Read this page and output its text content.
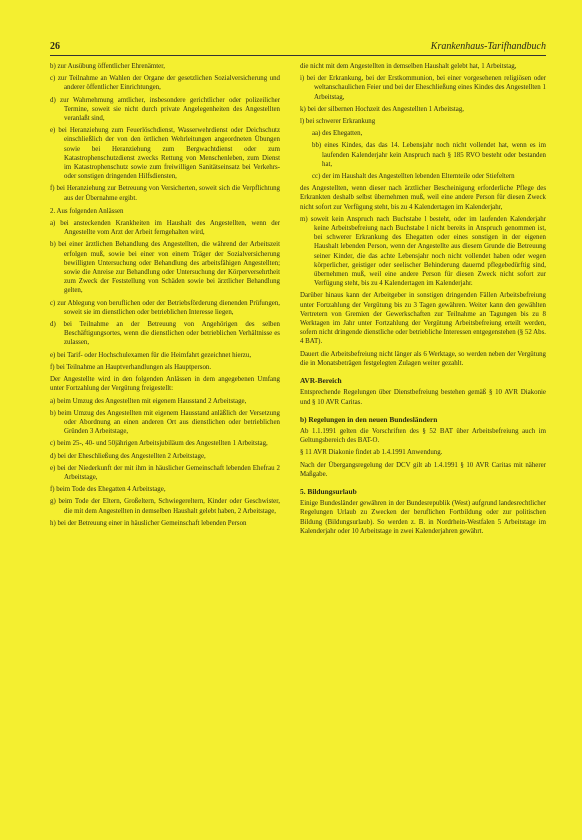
26	Krankenhaus-Tarifhandbuch

b) zur Ausübung öffentlicher Ehrenämter,

c) zur Teilnahme an Wahlen der Organe der gesetzlichen Sozialversicherung und anderer öffentlicher Einrichtungen,

d) zur Wahrnehmung amtlicher, insbesondere gerichtlicher oder polizeilicher Termine, soweit sie nicht durch private Angelegenheiten des Angestellten veranlaßt sind,

e) bei Heranziehung zum Feuerlöschdienst, Wasserwehrdienst oder Deichschutz einschließlich der von den örtlichen Wehrleitungen angeordneten Übungen sowie bei Heranziehung zum Bergwachtdienst oder zum Katastrophenschutzdienst zwecks Rettung von Menschenleben, zum Dienst im Katastrophenschutz sowie zum freiwilligen Sanitätseinsatz bei Verkehrs- oder sonstigen dringenden Hilfsdiensten,

f) bei Heranziehung zur Betreuung von Versicherten, soweit sich die Verpflichtung aus der Übernahme ergibt.

2. Aus folgenden Anlässen

a) bei ansteckenden Krankheiten im Haushalt des Angestellten, wenn der Angestellte vom Arzt der Arbeit ferngehalten wird,

b) bei einer ärztlichen Behandlung des Angestellten, die während der Arbeitszeit erfolgen muß, sowie bei einer von einem Träger der Sozialversicherung bewilligten Untersuchung oder Behandlung des arbeitsfähigen Angestellten; sowie die Anreise zur Behandlung oder Untersuchung der Körperversehrtheit zum Zweck der Feststellung von Schäden sowie bei ärztlicher Behandlung gelten,

c) zur Ablegung von beruflichen oder der Betriebsförderung dienenden Prüfungen, soweit sie im dienstlichen oder betrieblichen Interesse liegen,

d) bei Teilnahme an der Betreuung von Angehörigen des selben Beschäftigungsortes, wenn die dienstlichen oder betrieblichen Verhältnisse es zulassen,

e) bei Tarif- oder Hochschulexamen für die Heimfahrt gezeichnet hierzu,

f) bei Teilnahme an Hauptverhandlungen als Hauptperson.

Der Angestellte wird in den folgenden Anlässen in dem angegebenen Umfang unter Fortzahlung der Vergütung freigestellt:

a) beim Umzug des Angestellten mit eigenem Hausstand 2 Arbeitstage,

b) beim Umzug des Angestellten mit eigenem Hausstand anläßlich der Versetzung oder Abordnung an einen anderen Ort aus dienstlichen oder betrieblichen Gründen 3 Arbeitstage,

c) beim 25-, 40- und 50jährigen Arbeitsjubiläum des Angestellten 1 Arbeitstag,

d) bei der Eheschließung des Angestellten 2 Arbeitstage,

e) bei der Niederkunft der mit ihm in häuslicher Gemeinschaft lebenden Ehefrau 2 Arbeitstage,

f) beim Tode des Ehegatten 4 Arbeitstage,

g) beim Tode der Eltern, Großeltern, Schwiegereltern, Kinder oder Geschwister, die mit dem Angestellten in demselben Haushalt gelebt haben, 2 Arbeitstage,

h) bei der Betreuung einer in häuslicher Gemeinschaft lebenden Person

die nicht mit dem Angestellten in demselben Haushalt gelebt hat, 1 Arbeitstag,

i) bei der Erkrankung, bei der Erstkommunion, bei einer vorgesehenen religiösen oder weltanschaulichen Feier und bei der Eheschließung eines Kindes des Angestellten 1 Arbeitstag,

k) bei der silbernen Hochzeit des Angestellten 1 Arbeitstag,

l) bei schwerer Erkrankung

aa) des Ehegatten,

bb) eines Kindes, das das 14. Lebensjahr noch nicht vollendet hat, wenn es im laufenden Kalenderjahr kein Anspruch nach § 185 RVO besteht oder bestanden hat,

cc) der im Haushalt des Angestellten lebenden Elternteile oder Stiefeltern

des Angestellten, wenn dieser nach ärztlicher Bescheinigung erforderliche Pflege des Erkrankten deshalb selbst übernehmen muß, weil eine andere Person für diesen Zweck nicht sofort zur Verfügung steht, bis zu 4 Kalendertagen im Kalenderjahr,

m) soweit kein Anspruch nach Buchstabe l besteht, oder im laufenden Kalenderjahr keine Arbeitsbefreiung nach Buchstabe l nicht bereits in Anspruch genommen ist, bei schwerer Erkrankung des Ehegatten oder eines sonstigen in der eigenen Haushalt lebenden Person, wenn der Angestellte aus diesem Grunde die Betreuung seiner Kinder, die das achte Lebensjahr noch nicht vollendet haben oder wegen körperlicher, geistiger oder seelischer Behinderung dauernd pflegebedürftig sind, übernehmen muß, weil eine andere Person für diesen Zweck nicht sofort zur Verfügung steht, bis zu 4 Kalendertagen im Kalenderjahr.

Darüber hinaus kann der Arbeitgeber in sonstigen dringenden Fällen Arbeitsbefreiung unter Fortzahlung der Vergütung bis zu 3 Tagen gewähren. Weiter kann den gewählten Vertretern von Gremien der Gewerkschaften zur Teilnahme an Tagungen bis zu 8 Werktagen im Jahr unter Fortzahlung der Vergütung Arbeitsbefreiung erteilt werden, sofern nicht dringende dienstliche oder betriebliche Interessen entgegenstehen (§ 52 Abs. 4 BAT).

Dauert die Arbeitsbefreiung nicht länger als 6 Werktage, so werden neben der Vergütung die in Monatsbeträgen festgelegten Zulagen weiter gezahlt.

AVR-Bereich

Entsprechende Regelungen über Dienstbefreiung bestehen gemäß § 10 AVR Diakonie und § 10 AVR Caritas.

b) Regelungen in den neuen Bundesländern

Ab 1.1.1991 gelten die Vorschriften des § 52 BAT über Arbeitsbefreiung auch im Geltungsbereich des BAT-O.

§ 11 AVR Diakonie findet ab 1.4.1991 Anwendung.

Nach der Übergangsregelung der DCV gilt ab 1.4.1991 § 10 AVR Caritas mit näherer Maßgabe.

5. Bildungsurlaub

Einige Bundesländer gewähren in der Bundesrepublik (West) aufgrund landesrechtlicher Regelungen Urlaub zu Zwecken der beruflichen Fortbildung oder zur politischen Bildung (Bildungsurlaub). So werden z. B. in Nordrhein-Westfalen 5 Arbeitstage im Kalenderjahr oder 10 Arbeitstage in zwei Kalenderjahren gewährt.
